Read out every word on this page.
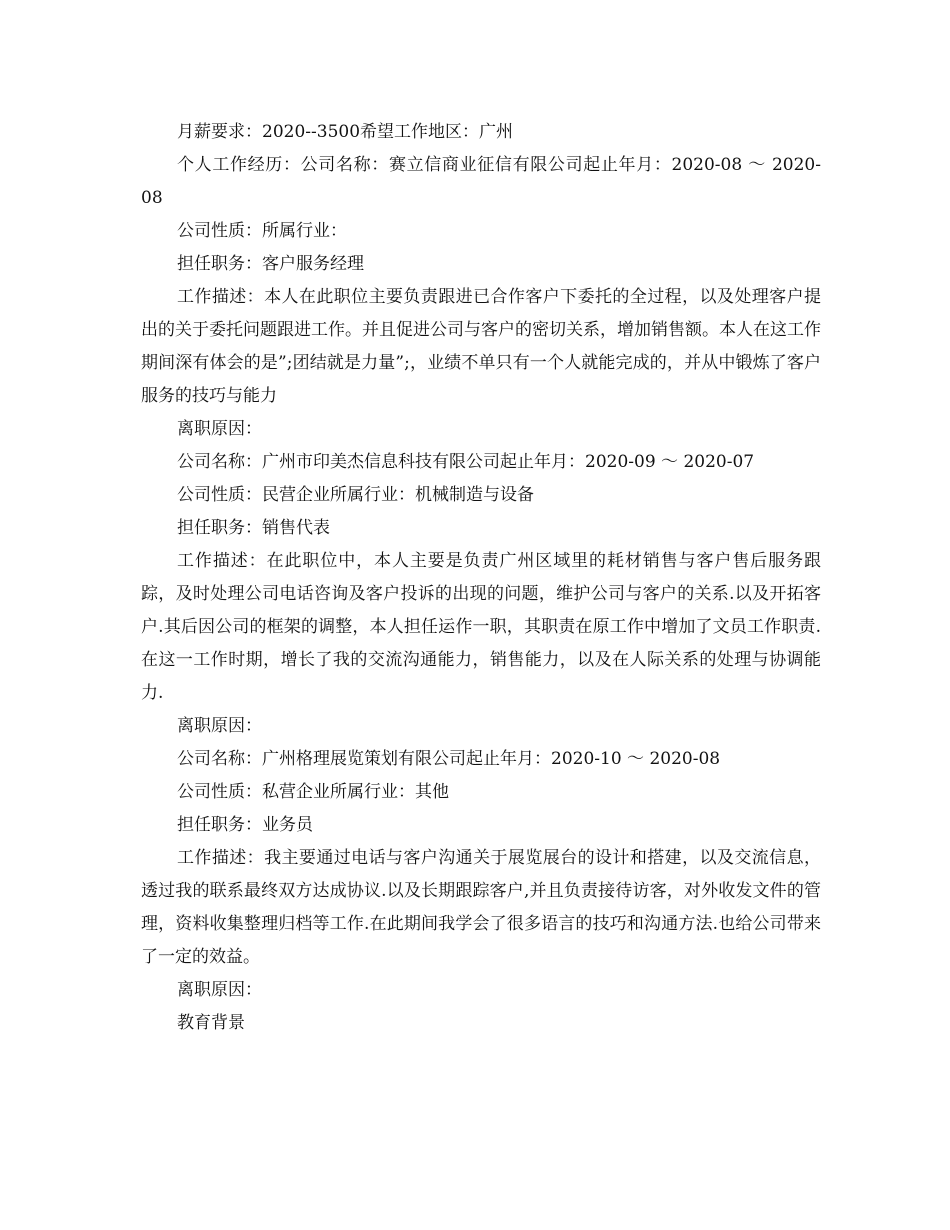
月薪要求：2020--3500希望工作地区：广州

个人工作经历：公司名称：赛立信商业征信有限公司起止年月：2020-08 ～ 2020-08

公司性质：所属行业：

担任职务：客户服务经理

工作描述：本人在此职位主要负责跟进已合作客户下委托的全过程，以及处理客户提出的关于委托问题跟进工作。并且促进公司与客户的密切关系，增加销售额。本人在这工作期间深有体会的是”;团结就是力量”;，业绩不单只有一个人就能完成的，并从中锻炼了客户服务的技巧与能力

离职原因：

公司名称：广州市印美杰信息科技有限公司起止年月：2020-09 ～ 2020-07

公司性质：民营企业所属行业：机械制造与设备

担任职务：销售代表

工作描述：在此职位中，本人主要是负责广州区域里的耗材销售与客户售后服务跟踪，及时处理公司电话咨询及客户投诉的出现的问题，维护公司与客户的关系.以及开拓客户.其后因公司的框架的调整，本人担任运作一职，其职责在原工作中增加了文员工作职责.在这一工作时期，增长了我的交流沟通能力，销售能力，以及在人际关系的处理与协调能力.

离职原因：

公司名称：广州格理展览策划有限公司起止年月：2020-10 ～ 2020-08

公司性质：私营企业所属行业：其他

担任职务：业务员

工作描述：我主要通过电话与客户沟通关于展览展台的设计和搭建，以及交流信息，透过我的联系最终双方达成协议.以及长期跟踪客户,并且负责接待访客，对外收发文件的管理，资料收集整理归档等工作.在此期间我学会了很多语言的技巧和沟通方法.也给公司带来了一定的效益。

离职原因：

教育背景
